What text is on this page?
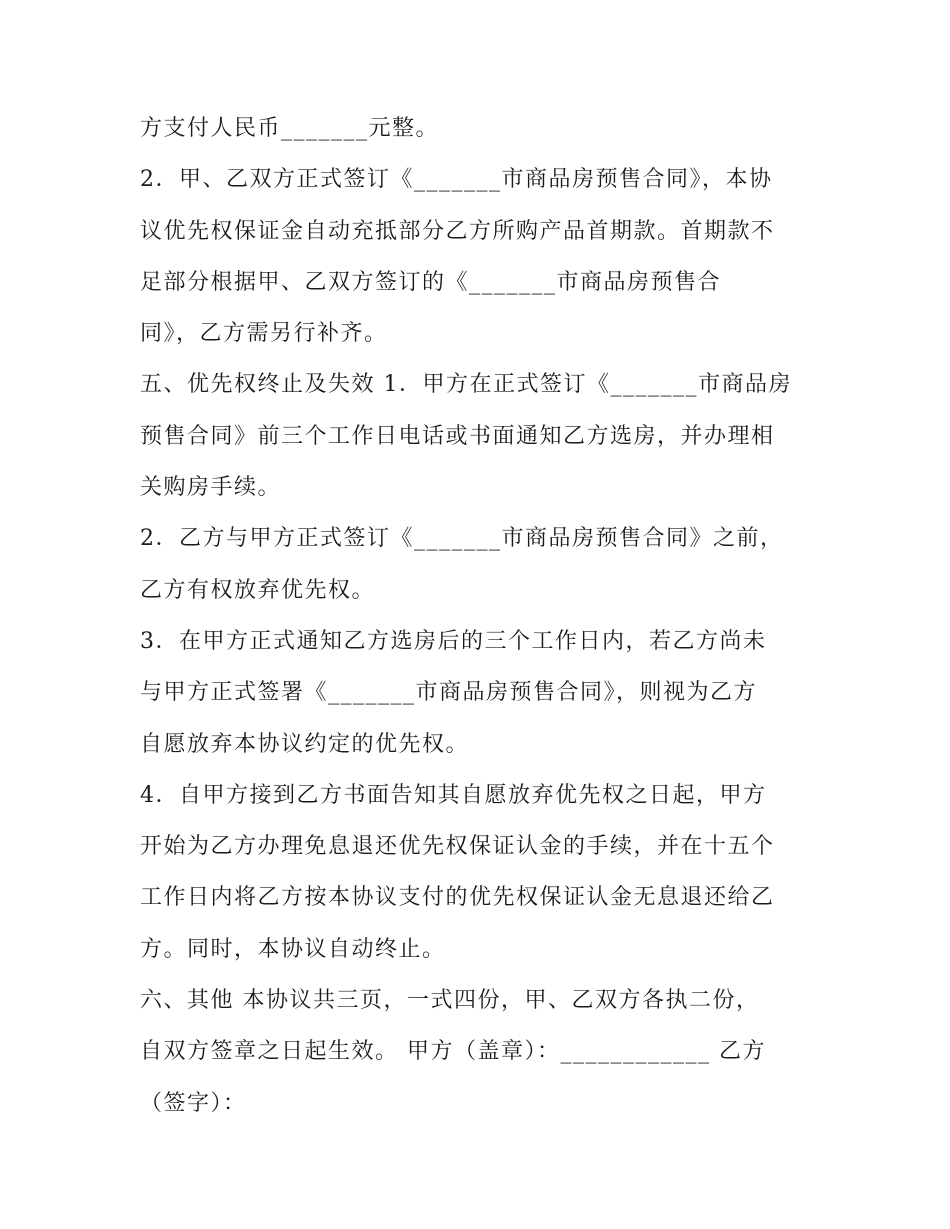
方支付人民币_______元整。
2．甲、乙双方正式签订《_______市商品房预售合同》，本协
议优先权保证金自动充抵部分乙方所购产品首期款。首期款不
足部分根据甲、乙双方签订的《_______市商品房预售合
同》，乙方需另行补齐。
五、优先权终止及失效 1．甲方在正式签订《_______市商品房
预售合同》前三个工作日电话或书面通知乙方选房，并办理相
关购房手续。
2．乙方与甲方正式签订《_______市商品房预售合同》之前，
乙方有权放弃优先权。
3．在甲方正式通知乙方选房后的三个工作日内，若乙方尚未
与甲方正式签署《_______市商品房预售合同》，则视为乙方
自愿放弃本协议约定的优先权。
4．自甲方接到乙方书面告知其自愿放弃优先权之日起，甲方
开始为乙方办理免息退还优先权保证认金的手续，并在十五个
工作日内将乙方按本协议支付的优先权保证认金无息退还给乙
方。同时，本协议自动终止。
六、其他 本协议共三页，一式四份，甲、乙双方各执二份，
自双方签章之日起生效。 甲方（盖章）：____________ 乙方
（签字）：
